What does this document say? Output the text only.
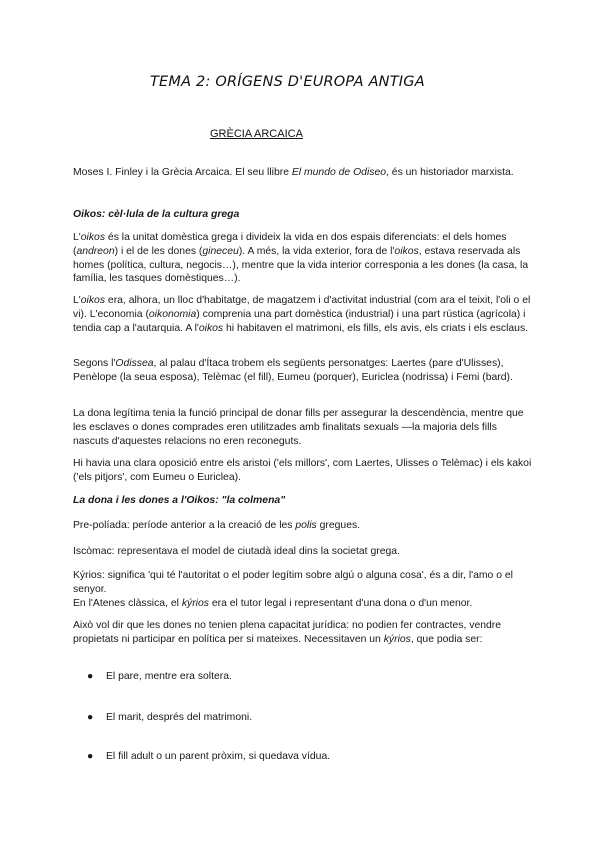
TEMA 2: ORÍGENS D'EUROPA ANTIGA
GRÈCIA ARCAICA
Moses I. Finley i la Grècia Arcaica. El seu llibre El mundo de Odiseo, és un historiador marxista.
Oikos: cèl·lula de la cultura grega
L'oikos és la unitat domèstica grega i divideix la vida en dos espais diferenciats: el dels homes (andreon) i el de les dones (gineceu). A més, la vida exterior, fora de l'oikos, estava reservada als homes (política, cultura, negocis…), mentre que la vida interior corresponia a les dones (la casa, la família, les tasques domèstiques…).
L'oikos era, alhora, un lloc d'habitatge, de magatzem i d'activitat industrial (com ara el teixit, l'oli o el vi). L'economia (oikonomia) comprenia una part domèstica (industrial) i una part rústica (agrícola) i tendia cap a l'autarquia. A l'oikos hi habitaven el matrimoni, els fills, els avis, els criats i els esclaus.
Segons l'Odissea, al palau d'Ítaca trobem els següents personatges: Laertes (pare d'Ulisses), Penèlope (la seua esposa), Telèmac (el fill), Eumeu (porquer), Euriclea (nodrissa) i Femi (bard).
La dona legítima tenia la funció principal de donar fills per assegurar la descendència, mentre que les esclaves o dones comprades eren utilitzades amb finalitats sexuals —la majoria dels fills nascuts d'aquestes relacions no eren reconeguts.
Hi havia una clara oposició entre els aristoi ('els millors', com Laertes, Ulisses o Telèmac) i els kakoi ('els pitjors', com Eumeu o Euriclea).
La dona i les dones a l'Oikos: "la colmena"
Pre-políada: període anterior a la creació de les polis gregues.
Iscòmac: representava el model de ciutadà ideal dins la societat grega.
Kýrios: significa 'qui té l'autoritat o el poder legítim sobre algú o alguna cosa', és a dir, l'amo o el senyor.
En l'Atenes clàssica, el kýrios era el tutor legal i representant d'una dona o d'un menor.
Això vol dir que les dones no tenien plena capacitat jurídica: no podien fer contractes, vendre propietats ni participar en política per si mateixes. Necessitaven un kýrios, que podia ser:
● El pare, mentre era soltera.
● El marit, després del matrimoni.
● El fill adult o un parent pròxim, si quedava vídua.
